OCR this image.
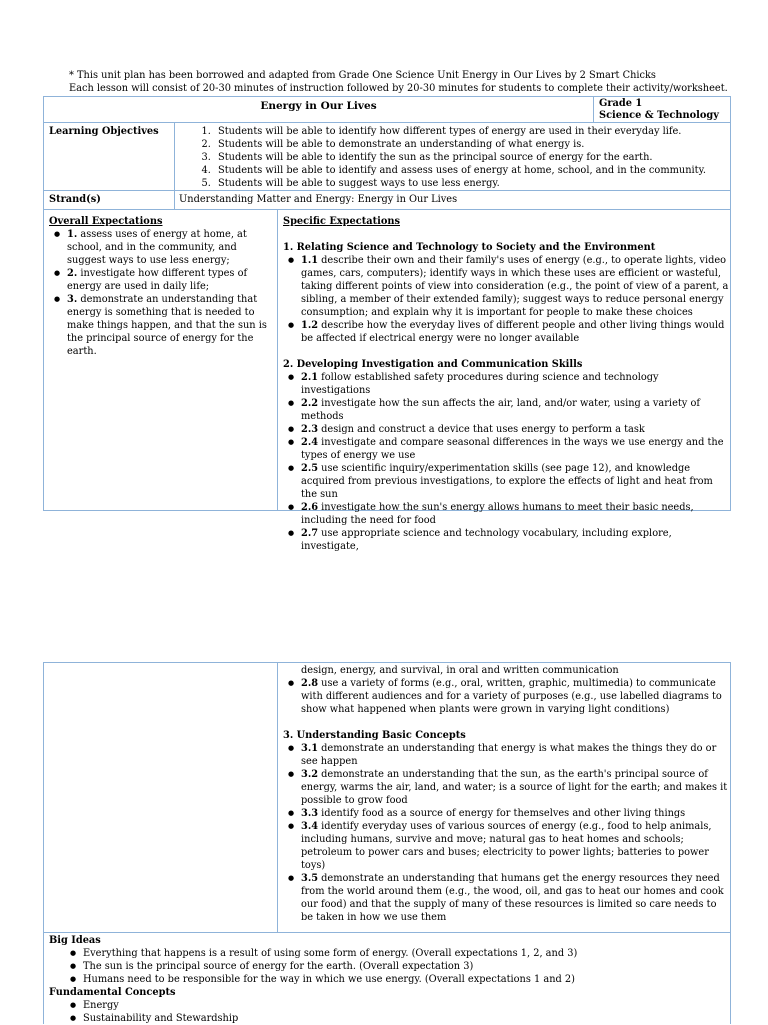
* This unit plan has been borrowed and adapted from Grade One Science Unit Energy in Our Lives by 2 Smart Chicks
Each lesson will consist of 20-30 minutes of instruction followed by 20-30 minutes for students to complete their activity/worksheet.
Energy in Our Lives	Grade 1
Science & Technology
Learning Objectives
1.	Students will be able to identify how different types of energy are used in their everyday life.
2. Students will be able to demonstrate an understanding of what energy is.
3. Students will be able to identify the sun as the principal source of energy for the earth.
4. Students will be able to identify and assess uses of energy at home, school, and in the community.
5. Students will be able to suggest ways to use less energy.
Strand(s)	Understanding Matter and Energy: Energy in Our Lives
Overall Expectations
● 1. assess uses of energy at home, at school, and in the community, and suggest ways to use less energy;
● 2. investigate how different types of energy are used in daily life;
● 3. demonstrate an understanding that energy is something that is needed to make things happen, and that the sun is the principal source of energy for the earth.
Specific Expectations
1. Relating Science and Technology to Society and the Environment
● 1.1 describe their own and their family's uses of energy (e.g., to operate lights, video games, cars, computers); identify ways in which these uses are efficient or wasteful, taking different points of view into consideration (e.g., the point of view of a parent, a sibling, a member of their extended family); suggest ways to reduce personal energy consumption; and explain why it is important for people to make these choices
● 1.2 describe how the everyday lives of different people and other living things would be affected if electrical energy were no longer available
2. Developing Investigation and Communication Skills
● 2.1 follow established safety procedures during science and technology investigations
● 2.2 investigate how the sun affects the air, land, and/or water, using a variety of methods
● 2.3 design and construct a device that uses energy to perform a task
● 2.4 investigate and compare seasonal differences in the ways we use energy and the types of energy we use
● 2.5 use scientific inquiry/experimentation skills (see page 12), and knowledge acquired from previous investigations, to explore the effects of light and heat from the sun
● 2.6 investigate how the sun's energy allows humans to meet their basic needs, including the need for food
● 2.7 use appropriate science and technology vocabulary, including explore, investigate,
design, energy, and survival, in oral and written communication
● 2.8 use a variety of forms (e.g., oral, written, graphic, multimedia) to communicate with different audiences and for a variety of purposes (e.g., use labelled diagrams to show what happened when plants were grown in varying light conditions)
3. Understanding Basic Concepts
● 3.1 demonstrate an understanding that energy is what makes the things they do or see happen
● 3.2 demonstrate an understanding that the sun, as the earth's principal source of energy, warms the air, land, and water; is a source of light for the earth; and makes it possible to grow food
● 3.3 identify food as a source of energy for themselves and other living things
● 3.4 identify everyday uses of various sources of energy (e.g., food to help animals, including humans, survive and move; natural gas to heat homes and schools; petroleum to power cars and buses; electricity to power lights; batteries to power toys)
● 3.5 demonstrate an understanding that humans get the energy resources they need from the world around them (e.g., the wood, oil, and gas to heat our homes and cook our food) and that the supply of many of these resources is limited so care needs to be taken in how we use them
Big Ideas
● Everything that happens is a result of using some form of energy. (Overall expectations 1, 2, and 3)
● The sun is the principal source of energy for the earth. (Overall expectation 3)
● Humans need to be responsible for the way in which we use energy. (Overall expectations 1 and 2)
Fundamental Concepts
● Energy
● Sustainability and Stewardship
